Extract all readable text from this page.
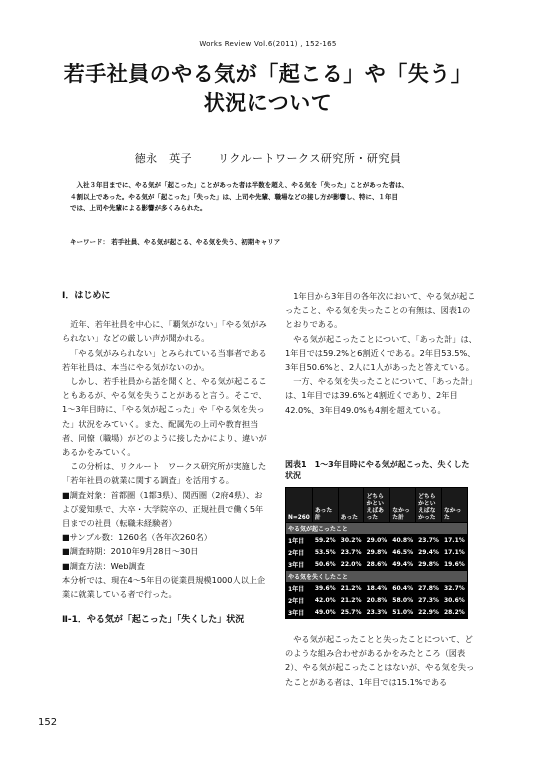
Works Review Vol.6(2011) , 152-165
若手社員のやる気が「起こる」や「失う」
状況について
徳永　英子 リクルートワークス研究所・研究員
入社３年目までに、やる気が「起こった」ことがあった者は半数を超え、やる気を「失った」ことがあった者は、
４割以上であった。やる気が「起こった」「失った」は、上司や先輩、職場などの接し方が影響し、特に、１年目
では、上司や先輩による影響が多くみられた。
キーワード： 若手社員、やる気が起こる、やる気を失う、初期キャリア
Ⅰ．はじめに

近年、若年社員を中心に、「覇気がない」「やる気がみられない」などの厳しい声が聞かれる。

「やる気がみられない」とみられている当事者である若年社員は、本当にやる気がないのか。

しかし、若手社員から話を聞くと、やる気が起こることもあるが、やる気を失うことがあると言う。そこで、1〜3年目時に、「やる気が起こった」や「やる気を失った」状況をみていく。また、配属先の上司や教育担当者、同僚（職場）がどのように接したかにより、違いがあるかをみていく。

この分析は、リクルート　ワークス研究所が実施した「若年社員の就業に関する調査」を活用する。

■調査対象：首都圏（1都3県）、関西圏（2府4県）、および愛知県で、大卒・大学院卒の、正規社員で働く5年目までの社員（転職未経験者）

■サンプル数：1260名（各年次260名）

■調査時期：2010年9月28日〜30日

■調査方法：Web調査

本分析では、現在4〜5年目の従業員規模1000人以上企業に就業している者で行った。

Ⅱ-1．やる気が「起こった」「失くした」状況

1年目から3年目の各年次において、やる気が起こったこと、やる気を失ったことの有無は、図表1のとおりである。

やる気が起こったことについて、「あった計」は、1年目では59.2%と6割近くである。2年目53.5%、3年目50.6%と、2人に1人があったと答えている。

一方、やる気を失ったことについて、「あった計」は、1年目では39.6%と4割近くであり、2年目42.0%、3年目49.0%も4割を超えている。

図表1　1〜3年目時にやる気が起こった、失くした状況
N=260	あった計	あった	どちらかといえばあった	なかった計	どちらかといえばなかった	なかった
やる気が起こったこと						
1年目	59.2%	30.2%	29.0%	40.8%	23.7%	17.1%
2年目	53.5%	23.7%	29.8%	46.5%	29.4%	17.1%
3年目	50.6%	22.0%	28.6%	49.4%	29.8%	19.6%
やる気を失くしたこと						
1年目	39.6%	21.2%	18.4%	60.4%	27.8%	32.7%
2年目	42.0%	21.2%	20.8%	58.0%	27.3%	30.6%
3年目	49.0%	25.7%	23.3%	51.0%	22.9%	28.2%

やる気が起こったことと失ったことについて、どのような組み合わせがあるかをみたところ（図表2）、やる気が起こったことはないが、やる気を失ったことがある者は、1年目では15.1%である

152
